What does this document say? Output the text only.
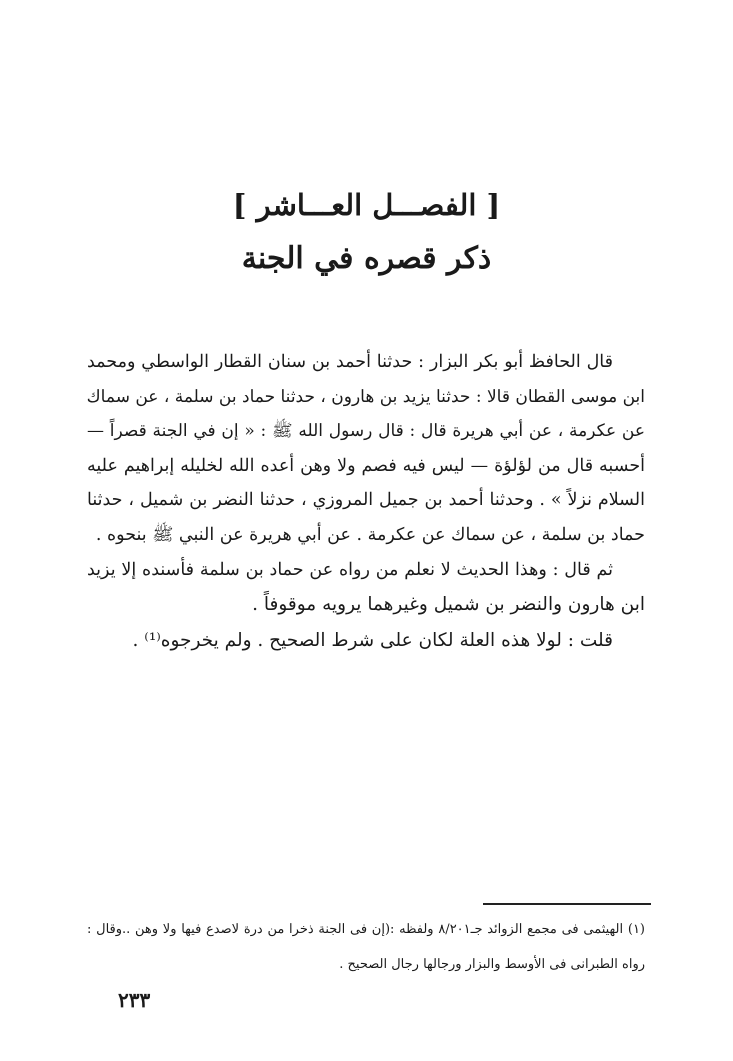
[ الفصـــل العـــاشر ]
ذكر قصره في الجنة
قال الحافظ أبو بكر البزار : حدثنا أحمد بن سنان القطار الواسطي ومحمد
ابن موسى القطان قالا : حدثنا يزيد بن هارون ، حدثنا حماد بن سلمة ، عن سماك
عن عكرمة ، عن أبي هريرة قال : قال رسول الله ﷺ : « إن في الجنة قصراً —
أحسبه قال من لؤلؤة — ليس فيه فصم ولا وهن أعده الله لخليله إبراهيم عليه
السلام نزلاً » . وحدثنا أحمد بن جميل المروزي ، حدثنا النضر بن شميل ، حدثنا
حماد بن سلمة ، عن سماك عن عكرمة . عن أبي هريرة عن النبي ﷺ بنحوه .
ثم قال : وهذا الحديث لا نعلم من رواه عن حماد بن سلمة فأسنده إلا يزيد
ابن هارون والنضر بن شميل وغيرهما يرويه موقوفاً .
قلت : لولا هذه العلة لكان على شرط الصحيح . ولم يخرجوه⁽¹⁾ .
(١) الهيثمى فى مجمع الزوائد جـ٨/٢٠١ ولفظه :(إن فى الجنة ذخرا من درة لاصدع فيها ولا وهن ..وقال :
رواه الطبرانى فى الأوسط والبزار ورجالها رجال الصحيح .
٢٣٣
